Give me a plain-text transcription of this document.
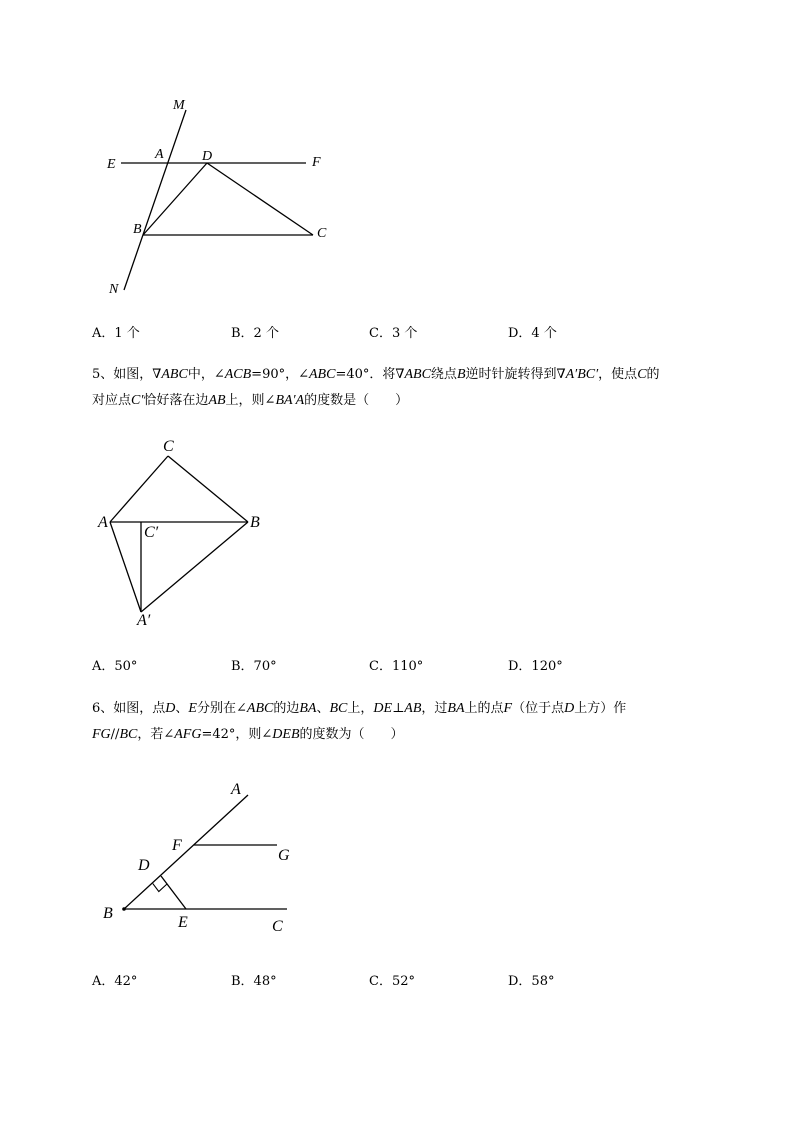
M
A	D
E	F
B	C
N
A．1 个	B．2 个	C．3 个	D．4 个
5、如图，∇ABC中，∠ACB=90°，∠ABC=40°．将∇ABC绕点B逆时针旋转得到∇A′BC′，使点C的
对应点C′恰好落在边AB上，则∠BA′A的度数是（　　）
C
A	B
C′
A′
A．50°	B．70°	C．110°	D．120°
6、如图，点D、E分别在∠ABC的边BA、BC上，DE⊥AB，过BA上的点F（位于点D上方）作
FG//BC，若∠AFG=42°，则∠DEB的度数为（　　）
A
F
G
D
B
E	C
A．42°	B．48°	C．52°	D．58°
